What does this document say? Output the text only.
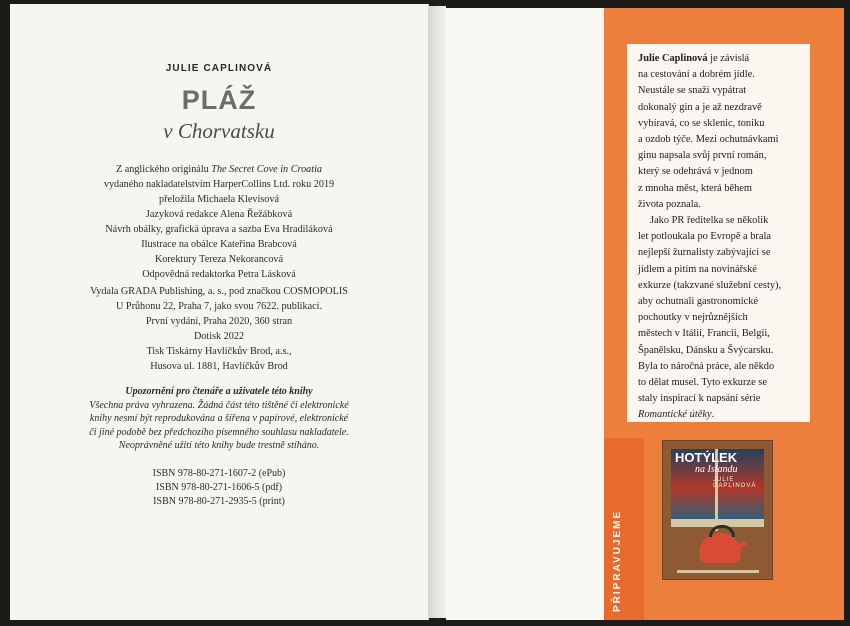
PŘIPRAVUJEME
JULIE CAPLINOVÁ
PLÁŽ
v Chorvatsku
Z anglického originálu The Secret Cove in Croatia
vydaného nakladatelstvím HarperCollins Ltd. roku 2019
přeložila Michaela Klevisová
Jazyková redakce Alena Řežábková
Návrh obálky, grafická úprava a sazba Eva Hradiláková
Ilustrace na obálce Kateřina Brabcová
Korektury Tereza Nekorancová
Odpovědná redaktorka Petra Lásková
Vydala GRADA Publishing, a. s., pod značkou COSMOPOLIS
U Průhonu 22, Praha 7, jako svou 7622. publikaci.
První vydání, Praha 2020, 360 stran
Dotisk 2022
Tisk Tiskárny Havlíčkův Brod, a.s.,
Husova ul. 1881, Havlíčkův Brod
Upozornění pro čtenáře a uživatele této knihy
Všechna práva vyhrazena. Žádná část této tištěné či elektronické
knihy nesmí být reprodukována a šířena v papírové, elektronické
či jiné podobě bez předchozího písemného souhlasu nakladatele.
Neoprávněné užití této knihy bude trestně stíháno.
ISBN 978-80-271-1607-2 (ePub)
ISBN 978-80-271-1606-5 (pdf)
ISBN 978-80-271-2935-5 (print)

Julie Caplinová je závislá
na cestování a dobrém jídle.
Neustále se snaží vypátrat
dokonalý gin a je až nezdravě
vybíravá, co se sklenic, toniku
a ozdob týče. Mezi ochutnávkami
ginu napsala svůj první román,
který se odehrává v jednom
z mnoha měst, která během
života poznala.

Jako PR ředitelka se několik
let potloukala po Evropě a brala
nejlepší žurnalisty zabývající se
jídlem a pitím na novinářské
exkurze (takzvané služební cesty),
aby ochutnali gastronomické
pochoutky v nejrůznějších
městech v Itálii, Francii, Belgii,
Španělsku, Dánsku a Švýcarsku.
Byla to náročná práce, ale někdo
to dělat musel. Tyto exkurze se
staly inspirací k napsání série
Romantické útěky.

HOTÝLEK
na Islandu
JULIE CAPLINOVÁ
